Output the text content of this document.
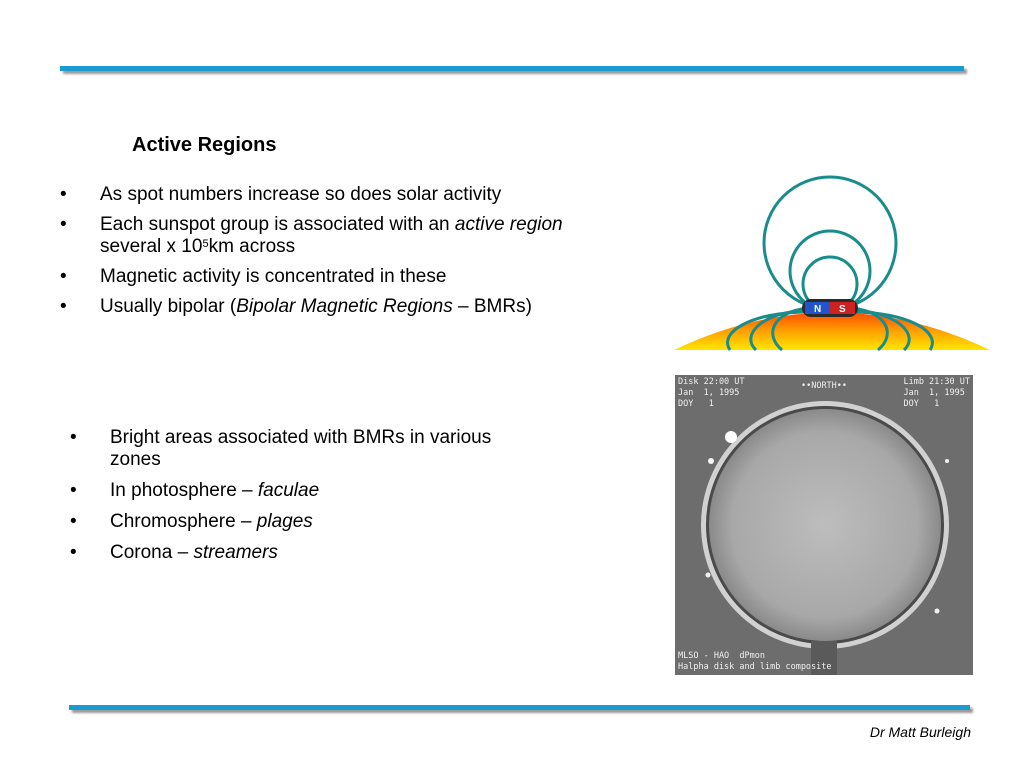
Active Regions
• As spot numbers increase so does solar activity
• Each sunspot group is associated with an active region
several x $10^5km$ across
• Magnetic activity is concentrated in these
• Usually bipolar (Bipolar Magnetic Regions – BMRs)	N S
• Bright areas associated with BMRs in various
zones
• In photosphere – faculae
• Chromosphere – plages
• Corona – streamers
Disk 22:00 UT
Jan  1, 1995
DOY   1
••NORTH••	Limb 21:30 UT
Jan  1, 1995
DOY   1
MLSO - HAO  dPmon
Halpha disk and limb composite
Dr Matt Burleigh
